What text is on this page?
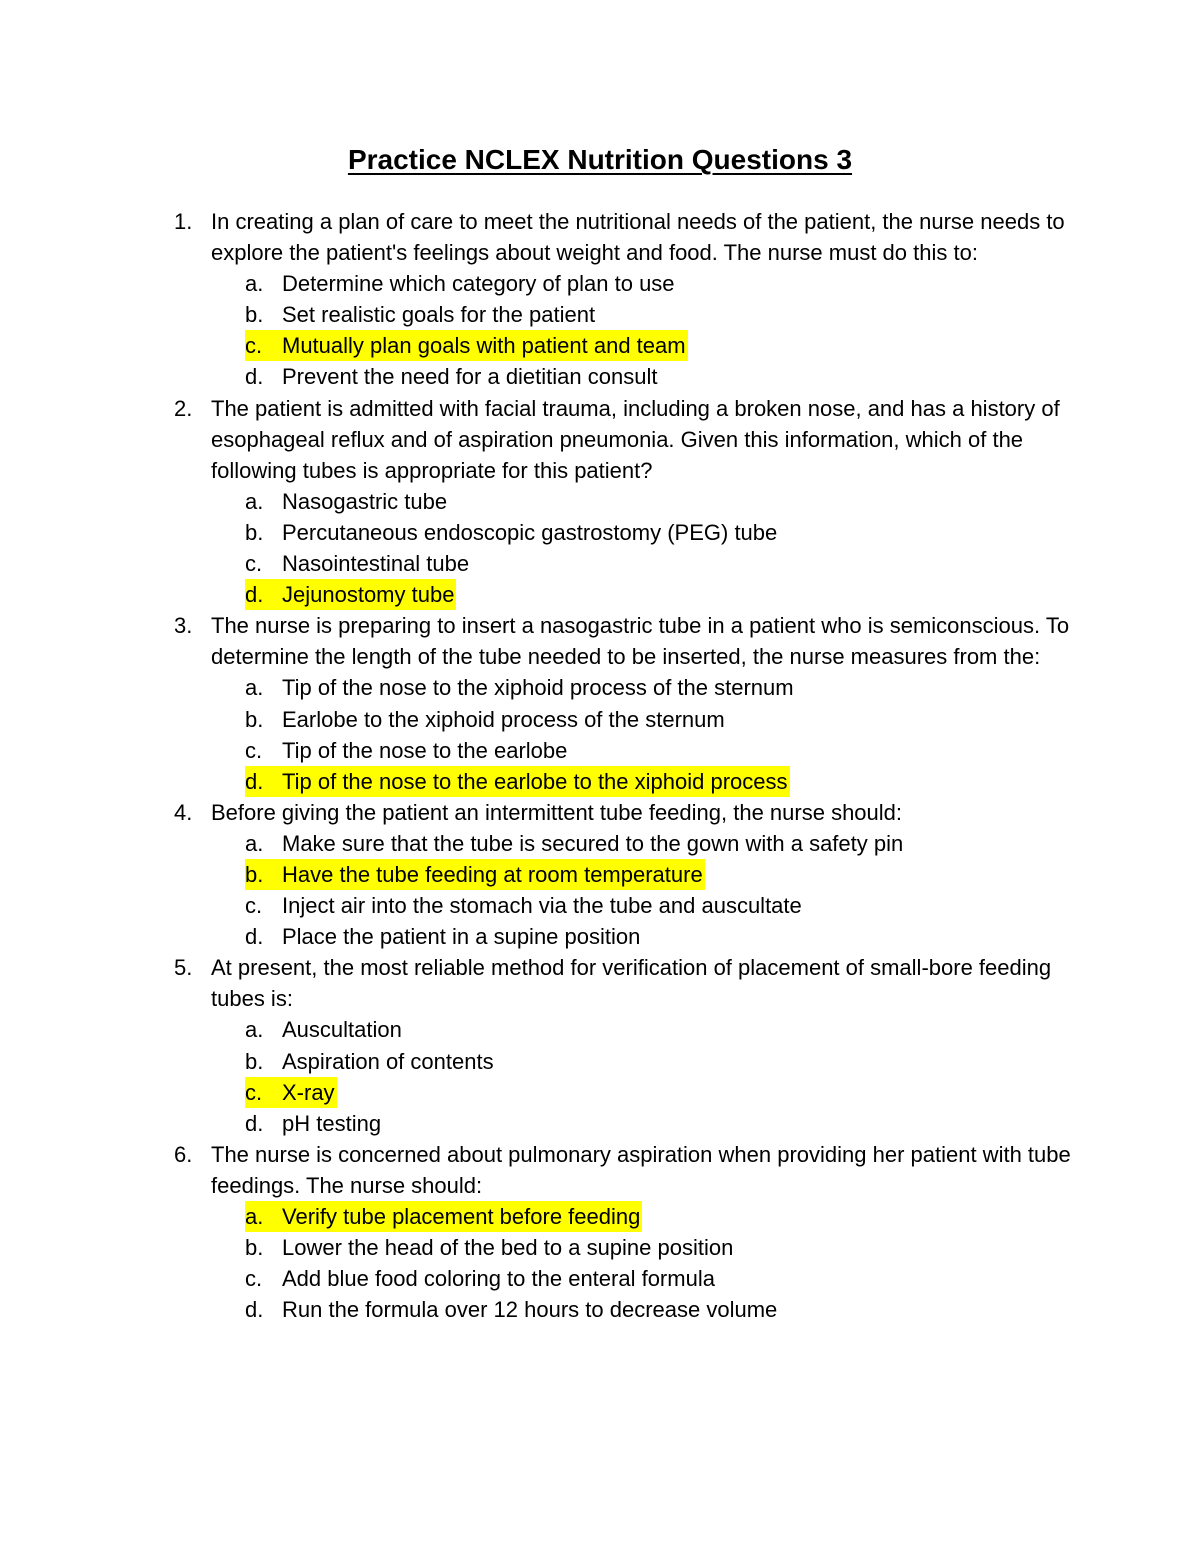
Practice NCLEX Nutrition Questions 3
1. In creating a plan of care to meet the nutritional needs of the patient, the nurse needs to explore the patient's feelings about weight and food. The nurse must do this to:
a. Determine which category of plan to use
b. Set realistic goals for the patient
c. Mutually plan goals with patient and team
d. Prevent the need for a dietitian consult
2. The patient is admitted with facial trauma, including a broken nose, and has a history of esophageal reflux and of aspiration pneumonia. Given this information, which of the following tubes is appropriate for this patient?
a. Nasogastric tube
b. Percutaneous endoscopic gastrostomy (PEG) tube
c. Nasointestinal tube
d. Jejunostomy tube
3. The nurse is preparing to insert a nasogastric tube in a patient who is semiconscious. To determine the length of the tube needed to be inserted, the nurse measures from the:
a. Tip of the nose to the xiphoid process of the sternum
b. Earlobe to the xiphoid process of the sternum
c. Tip of the nose to the earlobe
d. Tip of the nose to the earlobe to the xiphoid process
4. Before giving the patient an intermittent tube feeding, the nurse should:
a. Make sure that the tube is secured to the gown with a safety pin
b. Have the tube feeding at room temperature
c. Inject air into the stomach via the tube and auscultate
d. Place the patient in a supine position
5. At present, the most reliable method for verification of placement of small-bore feeding tubes is:
a. Auscultation
b. Aspiration of contents
c. X-ray
d. pH testing
6. The nurse is concerned about pulmonary aspiration when providing her patient with tube feedings. The nurse should:
a. Verify tube placement before feeding
b. Lower the head of the bed to a supine position
c. Add blue food coloring to the enteral formula
d. Run the formula over 12 hours to decrease volume
